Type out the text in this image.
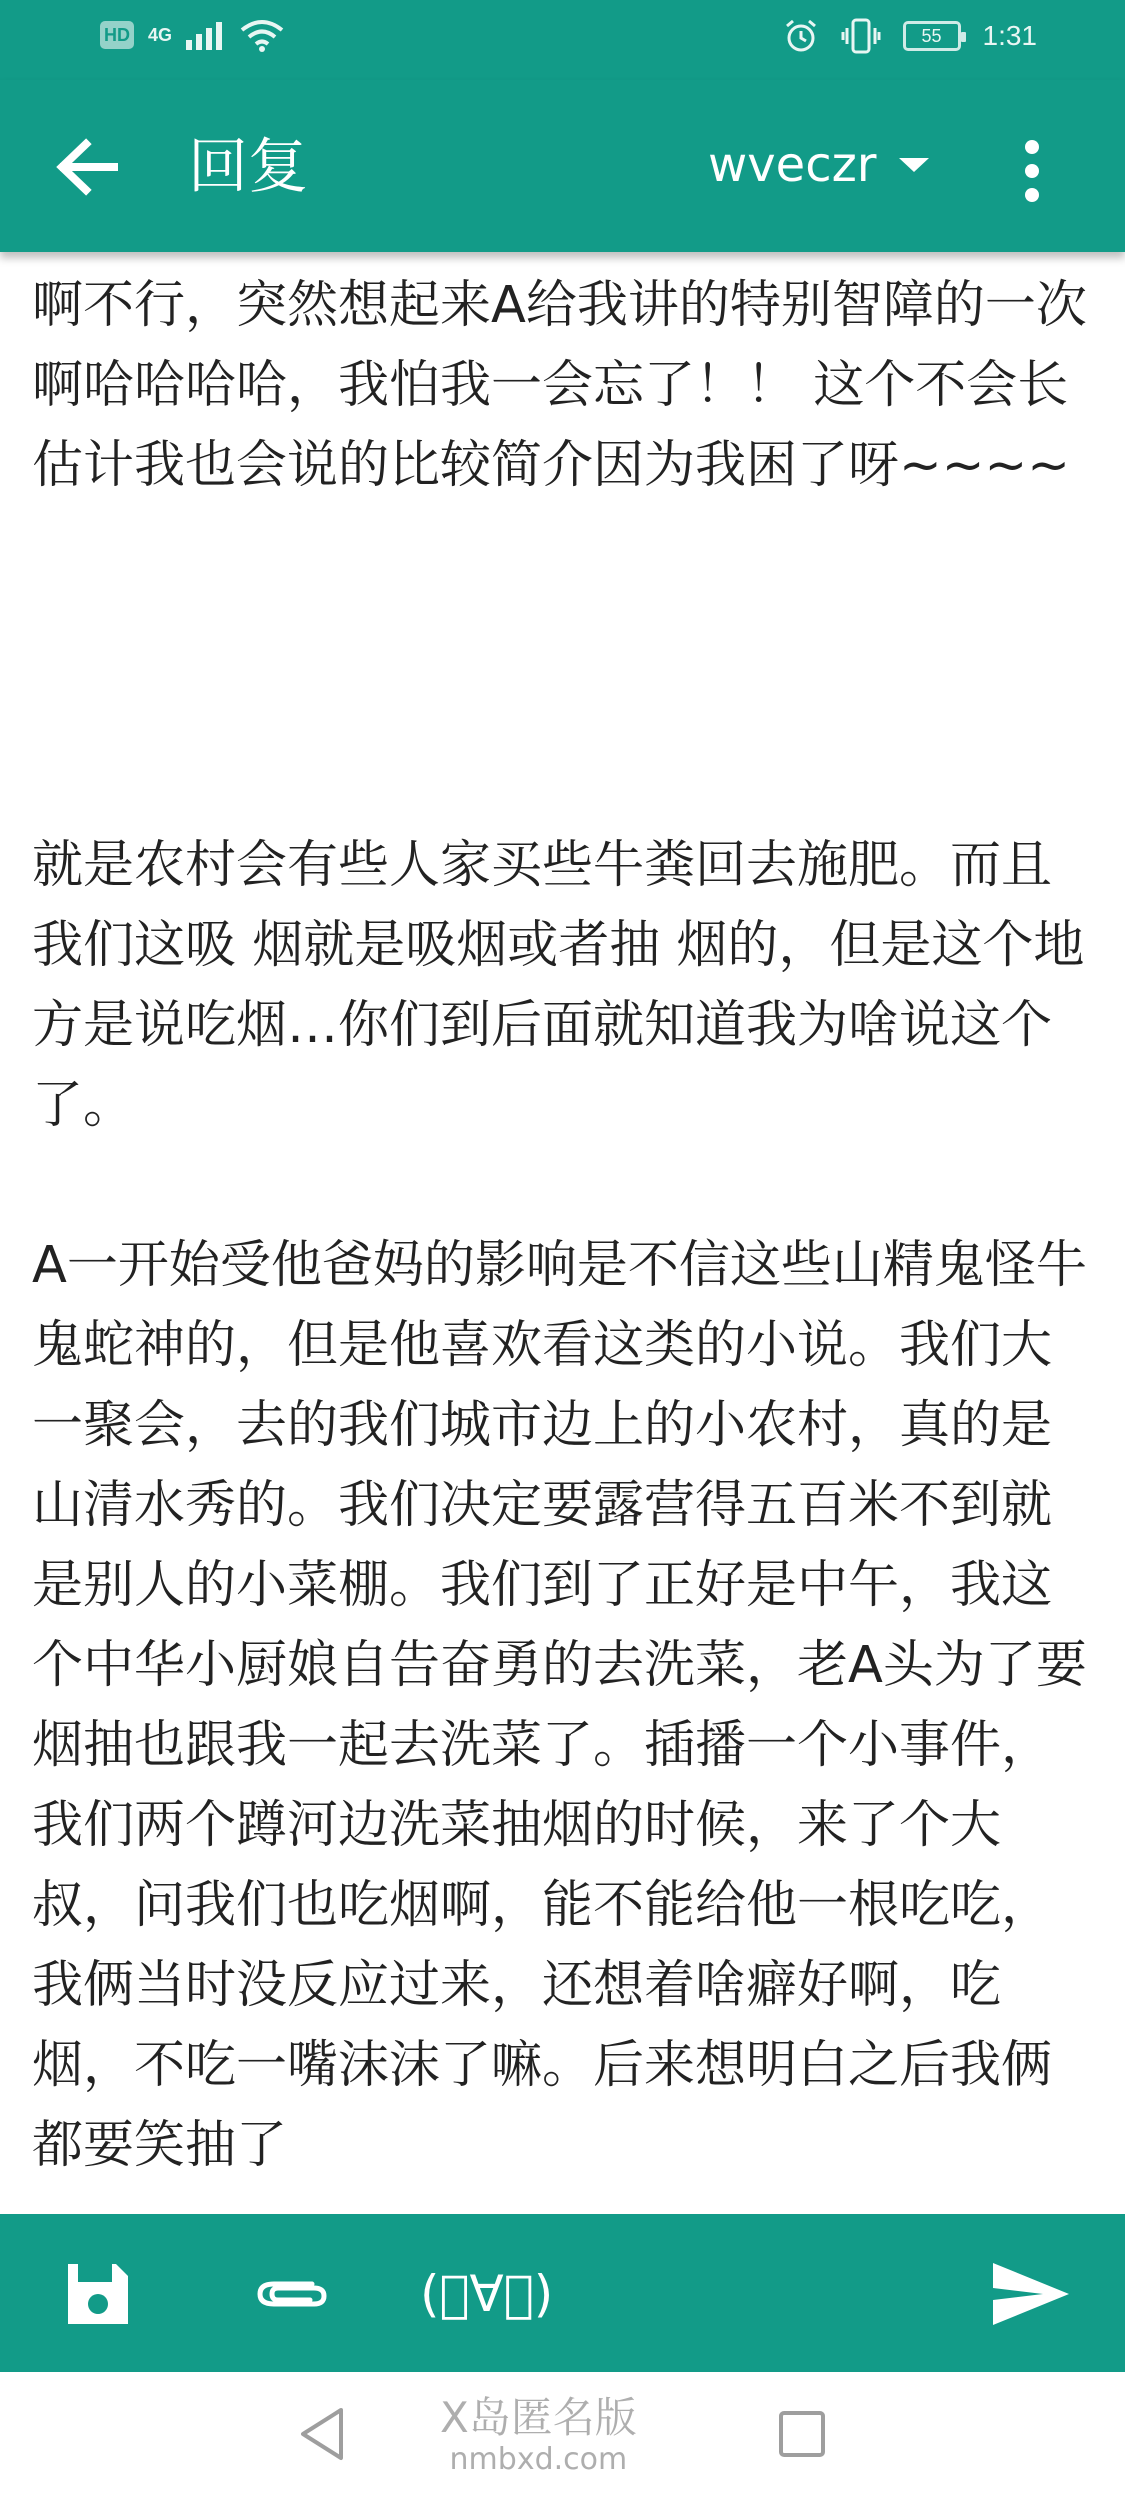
HD 4G	55	1:31
回复	wveczr
啊不行，突然想起来A给我讲的特别智障的一次啊哈哈哈哈，我怕我一会忘了！！ 这个不会长估计我也会说的比较简介因为我困了呀~~~~

就是农村会有些人家买些牛粪回去施肥。而且我们这吸 烟就是吸烟或者抽 烟的，但是这个地方是说吃烟…你们到后面就知道我为啥说这个了。

A一开始受他爸妈的影响是不信这些山精鬼怪牛鬼蛇神的，但是他喜欢看这类的小说。我们大一聚会，去的我们城市边上的小农村，真的是山清水秀的。我们决定要露营得五百米不到就是别人的小菜棚。我们到了正好是中午，我这个中华小厨娘自告奋勇的去洗菜，老A头为了要烟抽也跟我一起去洗菜了。插播一个小事件，我们两个蹲河边洗菜抽烟的时候，来了个大叔，问我们也吃烟啊，能不能给他一根吃吃，我俩当时没反应过来，还想着啥癖好啊，吃烟，不吃一嘴沫沫了嘛。后来想明白之后我俩都要笑抽了
(ﾟ∀。)
X岛匿名版
nmbxd.com
